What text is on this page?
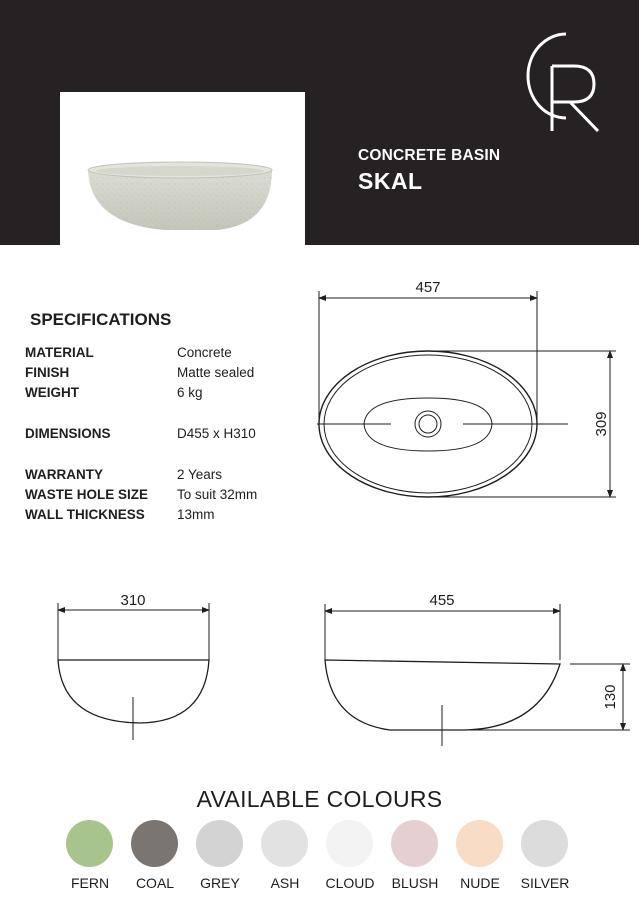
CONCRETE BASIN
SKAL
SPECIFICATIONS
MATERIAL	Concrete
FINISH	Matte sealed
WEIGHT	6 kg
DIMENSIONS	D455 x H310
WARRANTY	2 Years
WASTE HOLE SIZE To suit 32mm
WALL THICKNESS 13mm
457
309
310	455
130
AVAILABLE COLOURS
FERN	COAL	GREY	ASH	CLOUD	BLUSH	NUDE	SILVER
